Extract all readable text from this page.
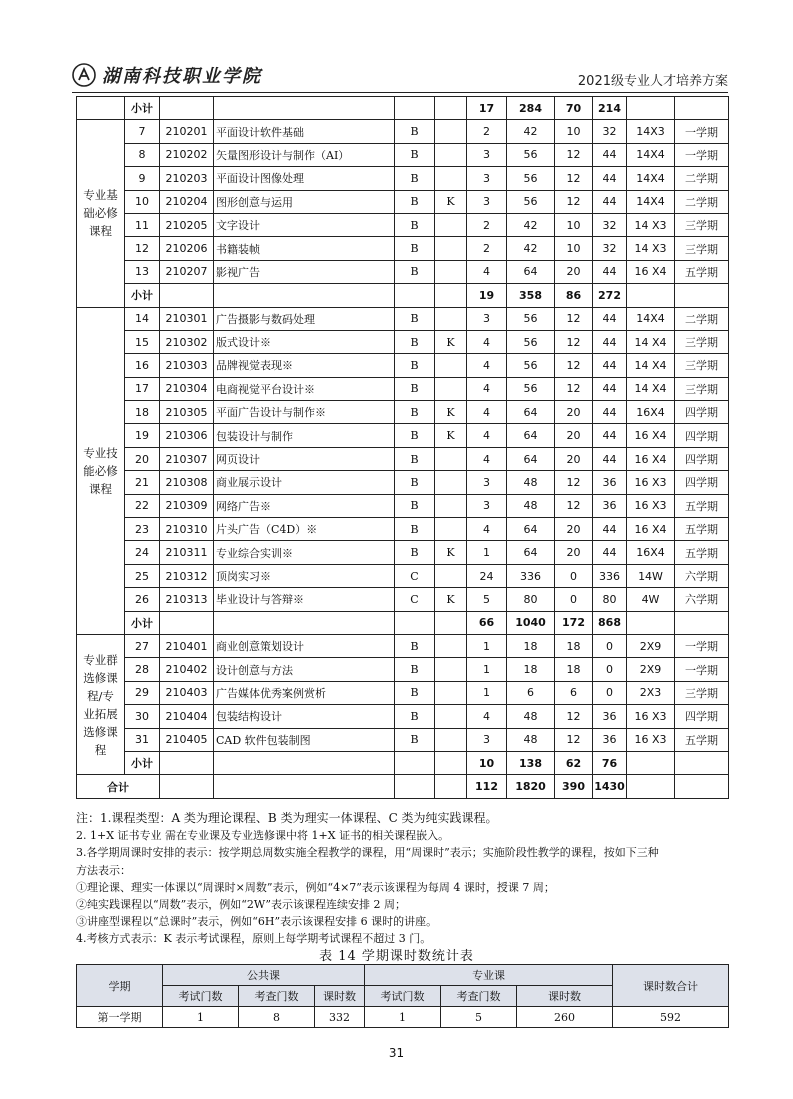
湖南科技职业学院	2021级专业人才培养方案
	小计					17	284	70	214		
专业基础必修课程	7	210201	平面设计软件基础	B		2	42	10	32	14X3	一学期
	8	210202	矢量图形设计与制作（AI）	B		3	56	12	44	14X4	一学期
	9	210203	平面设计图像处理	B		3	56	12	44	14X4	二学期
	10	210204	图形创意与运用	B	K	3	56	12	44	14X4	二学期
	11	210205	文字设计	B		2	42	10	32	14 X3	三学期
	12	210206	书籍装帧	B		2	42	10	32	14 X3	三学期
	13	210207	影视广告	B		4	64	20	44	16 X4	五学期
	小计					19	358	86	272		
专业技能必修课程	14	210301	广告摄影与数码处理	B		3	56	12	44	14X4	二学期
	15	210302	版式设计※	B	K	4	56	12	44	14 X4	三学期
	16	210303	品牌视觉表现※	B		4	56	12	44	14 X4	三学期
	17	210304	电商视觉平台设计※	B		4	56	12	44	14 X4	三学期
	18	210305	平面广告设计与制作※	B	K	4	64	20	44	16X4	四学期
	19	210306	包装设计与制作	B	K	4	64	20	44	16 X4	四学期
	20	210307	网页设计	B		4	64	20	44	16 X4	四学期
	21	210308	商业展示设计	B		3	48	12	36	16 X3	四学期
	22	210309	网络广告※	B		3	48	12	36	16 X3	五学期
	23	210310	片头广告（C4D）※	B		4	64	20	44	16 X4	五学期
	24	210311	专业综合实训※	B	K	1	64	20	44	16X4	五学期
	25	210312	顶岗实习※	C		24	336	0	336	14W	六学期
	26	210313	毕业设计与答辩※	C	K	5	80	0	80	4W	六学期
	小计					66	1040	172	868		
专业群选修课程/专业拓展选修课程	27	210401	商业创意策划设计	B		1	18	18	0	2X9	一学期
	28	210402	设计创意与方法	B		1	18	18	0	2X9	一学期
	29	210403	广告媒体优秀案例赏析	B		1	6	6	0	2X3	三学期
	30	210404	包装结构设计	B		4	48	12	36	16 X3	四学期
	31	210405	CAD 软件包装制图	B		3	48	12	36	16 X3	五学期
	小计					10	138	62	76		
合计						112	1820	390	1430		

注：1.课程类型：A 类为理论课程、B 类为理实一体课程、C 类为纯实践课程。

2. 1+X 证书专业 需在专业课及专业选修课中将 1+X 证书的相关课程嵌入。

3.各学期周课时安排的表示：按学期总周数实施全程教学的课程，用“周课时”表示；实施阶段性教学的课程，按如下三种

方法表示：

①理论课、理实一体课以“周课时×周数”表示，例如“4×7”表示该课程为每周 4 课时，授课 7 周；

②纯实践课程以“周数”表示，例如“2W”表示该课程连续安排 2 周；

③讲座型课程以“总课时”表示，例如“6H”表示该课程安排 6 课时的讲座。

4.考核方式表示：K 表示考试课程，原则上每学期考试课程不超过 3 门。

表 14 学期课时数统计表
学期	公共课			专业课			课时数合计
	考试门数	考查门数	课时数	考试门数	考查门数	课时数	
第一学期	1	8	332	1	5	260	592
31
